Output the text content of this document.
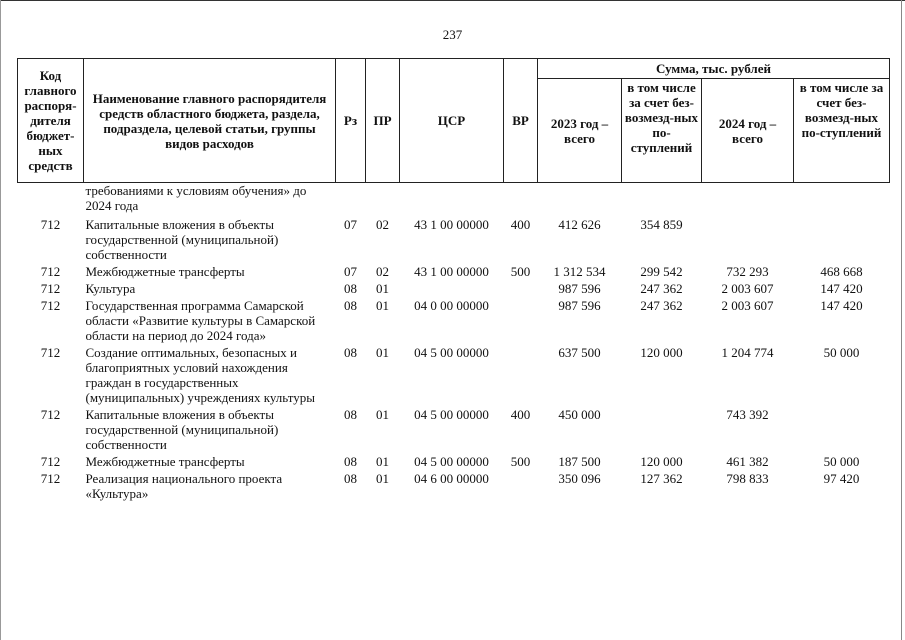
237
Код главного распоря-дителя бюджет-ных средств	Наименование главного распорядителя средств областного бюджета, раздела, подраздела, целевой статьи, группы видов расходов	Рз	ПР	ЦСР	ВР	Сумма, тыс. рублей			
						2023 год – всего	в том числе за счет без-возмезд-ных по-ступлений	2024 год – всего	в том числе за счет без-возмезд-ных по-ступлений
	требованиями к условиям обучения» до 2024 года								
712	Капитальные вложения в объекты государственной (муниципальной) собственности	07	02	43 1 00 00000	400	412 626	354 859		
712	Межбюджетные трансферты	07	02	43 1 00 00000	500	1 312 534	299 542	732 293	468 668
712	Культура	08	01			987 596	247 362	2 003 607	147 420
712	Государственная программа Самарской области «Развитие культуры в Самарской области на период до 2024 года»	08	01	04 0 00 00000		987 596	247 362	2 003 607	147 420
712	Создание оптимальных, безопасных и благоприятных условий нахождения граждан в государственных (муниципальных) учреждениях культуры	08	01	04 5 00 00000		637 500	120 000	1 204 774	50 000
712	Капитальные вложения в объекты государственной (муниципальной) собственности	08	01	04 5 00 00000	400	450 000		743 392	
712	Межбюджетные трансферты	08	01	04 5 00 00000	500	187 500	120 000	461 382	50 000
712	Реализация национального проекта «Культура»	08	01	04 6 00 00000		350 096	127 362	798 833	97 420
